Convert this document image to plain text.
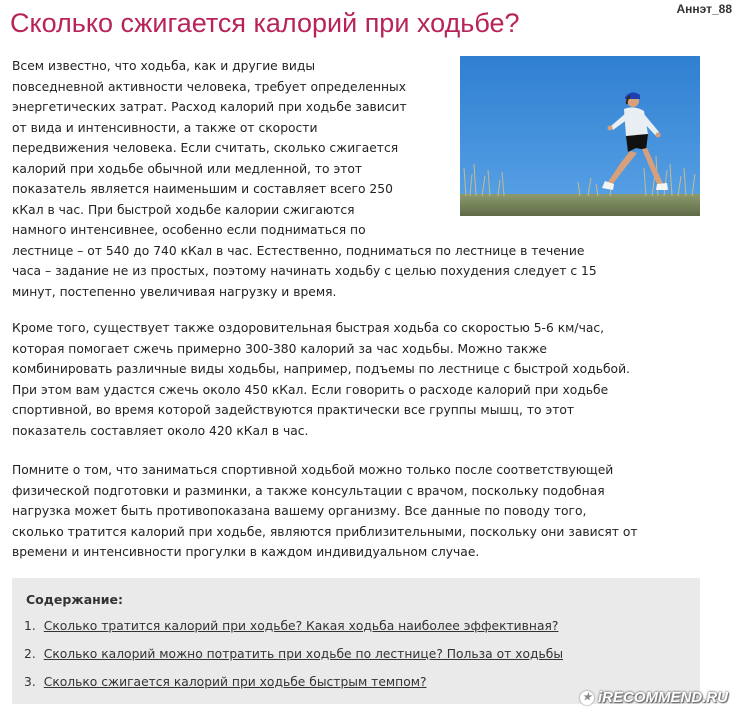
Сколько сжигается калорий при ходьбе?	Аннэт_88

Всем известно, что ходьба, как и другие виды
повседневной активности человека, требует определенных
энергетических затрат. Расход калорий при ходьбе зависит
от вида и интенсивности, а также от скорости
передвижения человека. Если считать, сколько сжигается
калорий при ходьбе обычной или медленной, то этот
показатель является наименьшим и составляет всего 250
кКал в час. При быстрой ходьбе калории сжигаются
намного интенсивнее, особенно если подниматься по
лестнице – от 540 до 740 кКал в час. Естественно, подниматься по лестнице в течение
часа – задание не из простых, поэтому начинать ходьбу с целью похудения следует с 15
минут, постепенно увеличивая нагрузку и время.

Кроме того, существует также оздоровительная быстрая ходьба со скоростью 5-6 км/час,
которая помогает сжечь примерно 300-380 калорий за час ходьбы. Можно также
комбинировать различные виды ходьбы, например, подъемы по лестнице с быстрой ходьбой.
При этом вам удастся сжечь около 450 кКал. Если говорить о расходе калорий при ходьбе
спортивной, во время которой задействуются практически все группы мышц, то этот
показатель составляет около 420 кКал в час.

Помните о том, что заниматься спортивной ходьбой можно только после соответствующей
физической подготовки и разминки, а также консультации с врачом, поскольку подобная
нагрузка может быть противопоказана вашему организму. Все данные по поводу того,
сколько тратится калорий при ходьбе, являются приблизительными, поскольку они зависят от
времени и интенсивности прогулки в каждом индивидуальном случае.

Содержание:
1. Сколько тратится калорий при ходьбе? Какая ходьба наиболее эффективная?
2. Сколько калорий можно потратить при ходьбе по лестнице? Польза от ходьбы
3. Сколько сжигается калорий при ходьбе быстрым темпом?
★ iRECOMMEND.RU
